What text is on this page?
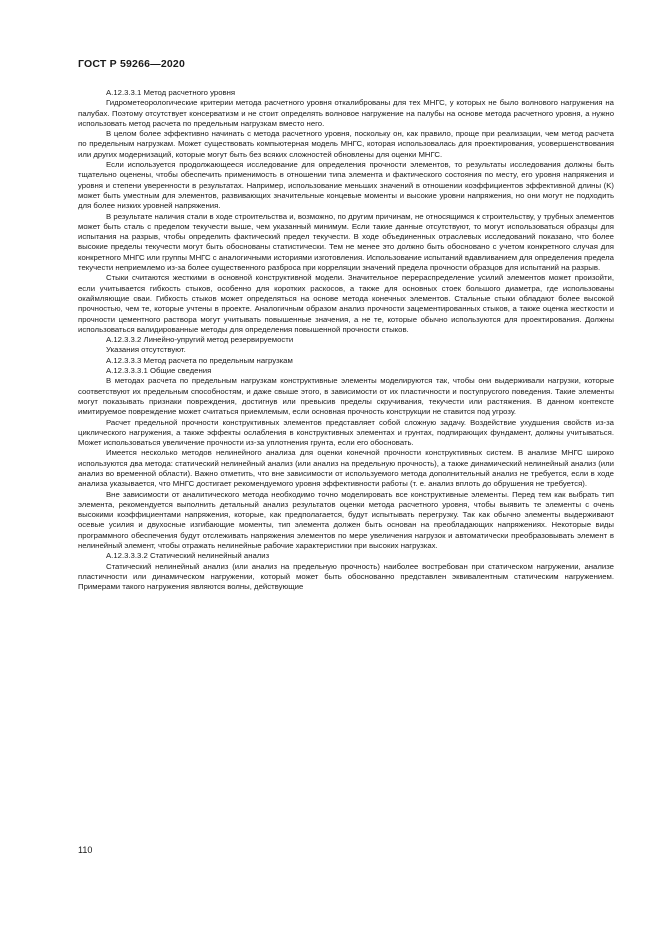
ГОСТ Р 59266—2020

А.12.3.3.1 Метод расчетного уровня

Гидрометеорологические критерии метода расчетного уровня откалиброваны для тех МНГС, у которых не было волнового нагружения на палубах. Поэтому отсутствует консерватизм и не стоит определять волновое нагружение на палубы на основе метода расчетного уровня, а нужно использовать метод расчета по предельным нагрузкам вместо него.

В целом более эффективно начинать с метода расчетного уровня, поскольку он, как правило, проще при реализации, чем метод расчета по предельным нагрузкам. Может существовать компьютерная модель МНГС, которая использовалась для проектирования, усовершенствования или других модернизаций, которые могут быть без всяких сложностей обновлены для оценки МНГС.

Если используется продолжающееся исследование для определения прочности элементов, то результаты исследования должны быть тщательно оценены, чтобы обеспечить применимость в отношении типа элемента и фактического состояния по месту, его уровня напряжения и уровня и степени уверенности в результатах. Например, использование меньших значений в отношении коэффициентов эффективной длины (K) может быть уместным для элементов, развивающих значительные концевые моменты и высокие уровни напряжения, но они могут не подходить для более низких уровней напряжения.

В результате наличия стали в ходе строительства и, возможно, по другим причинам, не относящимся к строительству, у трубных элементов может быть сталь с пределом текучести выше, чем указанный минимум. Если такие данные отсутствуют, то могут использоваться образцы для испытания на разрыв, чтобы определить фактический предел текучести. В ходе объединенных отраслевых исследований показано, что более высокие пределы текучести могут быть обоснованы статистически. Тем не менее это должно быть обосновано с учетом конкретного случая для конкретного МНГС или группы МНГС с аналогичными историями изготовления. Использование испытаний вдавливанием для определения предела текучести неприемлемо из-за более существенного разброса при корреляции значений предела прочности образцов для испытаний на разрыв.

Стыки считаются жесткими в основной конструктивной модели. Значительное перераспределение усилий элементов может произойти, если учитывается гибкость стыков, особенно для коротких раскосов, а также для основных стоек большого диаметра, где использованы окаймляющие сваи. Гибкость стыков может определяться на основе метода конечных элементов. Стальные стыки обладают более высокой прочностью, чем те, которые учтены в проекте. Аналогичным образом анализ прочности зацементированных стыков, а также оценка жесткости и прочности цементного раствора могут учитывать повышенные значения, а не те, которые обычно используются для проектирования. Должны использоваться валидированные методы для определения повышенной прочности стыков.

А.12.3.3.2 Линейно-упругий метод резервируемости

Указания отсутствуют.

А.12.3.3.3 Метод расчета по предельным нагрузкам

А.12.3.3.3.1 Общие сведения

В методах расчета по предельным нагрузкам конструктивные элементы моделируются так, чтобы они выдерживали нагрузки, которые соответствуют их предельным способностям, и даже свыше этого, в зависимости от их пластичности и поступрусгого поведения. Такие элементы могут показывать признаки повреждения, достигнув или превысив пределы скручивания, текучести или растяжения. В данном контексте имитируемое повреждение может считаться приемлемым, если основная прочность конструкции не ставится под угрозу.

Расчет предельной прочности конструктивных элементов представляет собой сложную задачу. Воздействие ухудшения свойств из-за циклического нагружения, а также эффекты ослабления в конструктивных элементах и грунтах, подпирающих фундамент, должны учитываться. Может использоваться увеличение прочности из-за уплотнения грунта, если его обосновать.

Имеется несколько методов нелинейного анализа для оценки конечной прочности конструктивных систем. В анализе МНГС широко используются два метода: статический нелинейный анализ (или анализ на предельную прочность), а также динамический нелинейный анализ (или анализ во временной области). Важно отметить, что вне зависимости от используемого метода дополнительный анализ не требуется, если в ходе анализа указывается, что МНГС достигает рекомендуемого уровня эффективности работы (т. е. анализ вплоть до обрушения не требуется).

Вне зависимости от аналитического метода необходимо точно моделировать все конструктивные элементы. Перед тем как выбрать тип элемента, рекомендуется выполнить детальный анализ результатов оценки метода расчетного уровня, чтобы выявить те элементы с очень высокими коэффициентами напряжения, которые, как предполагается, будут испытывать перегрузку. Так как обычно элементы выдерживают осевые усилия и двухосные изгибающие моменты, тип элемента должен быть основан на преобладающих напряжениях. Некоторые виды программного обеспечения будут отслеживать напряжения элементов по мере увеличения нагрузок и автоматически преобразовывать элемент в нелинейный элемент, чтобы отражать нелинейные рабочие характеристики при высоких нагрузках.

А.12.3.3.3.2 Статический нелинейный анализ

Статический нелинейный анализ (или анализ на предельную прочность) наиболее востребован при статическом нагружении, анализе пластичности или динамическом нагружении, который может быть обоснованно представлен эквивалентным статическим нагружением. Примерами такого нагружения являются волны, действующие

110
